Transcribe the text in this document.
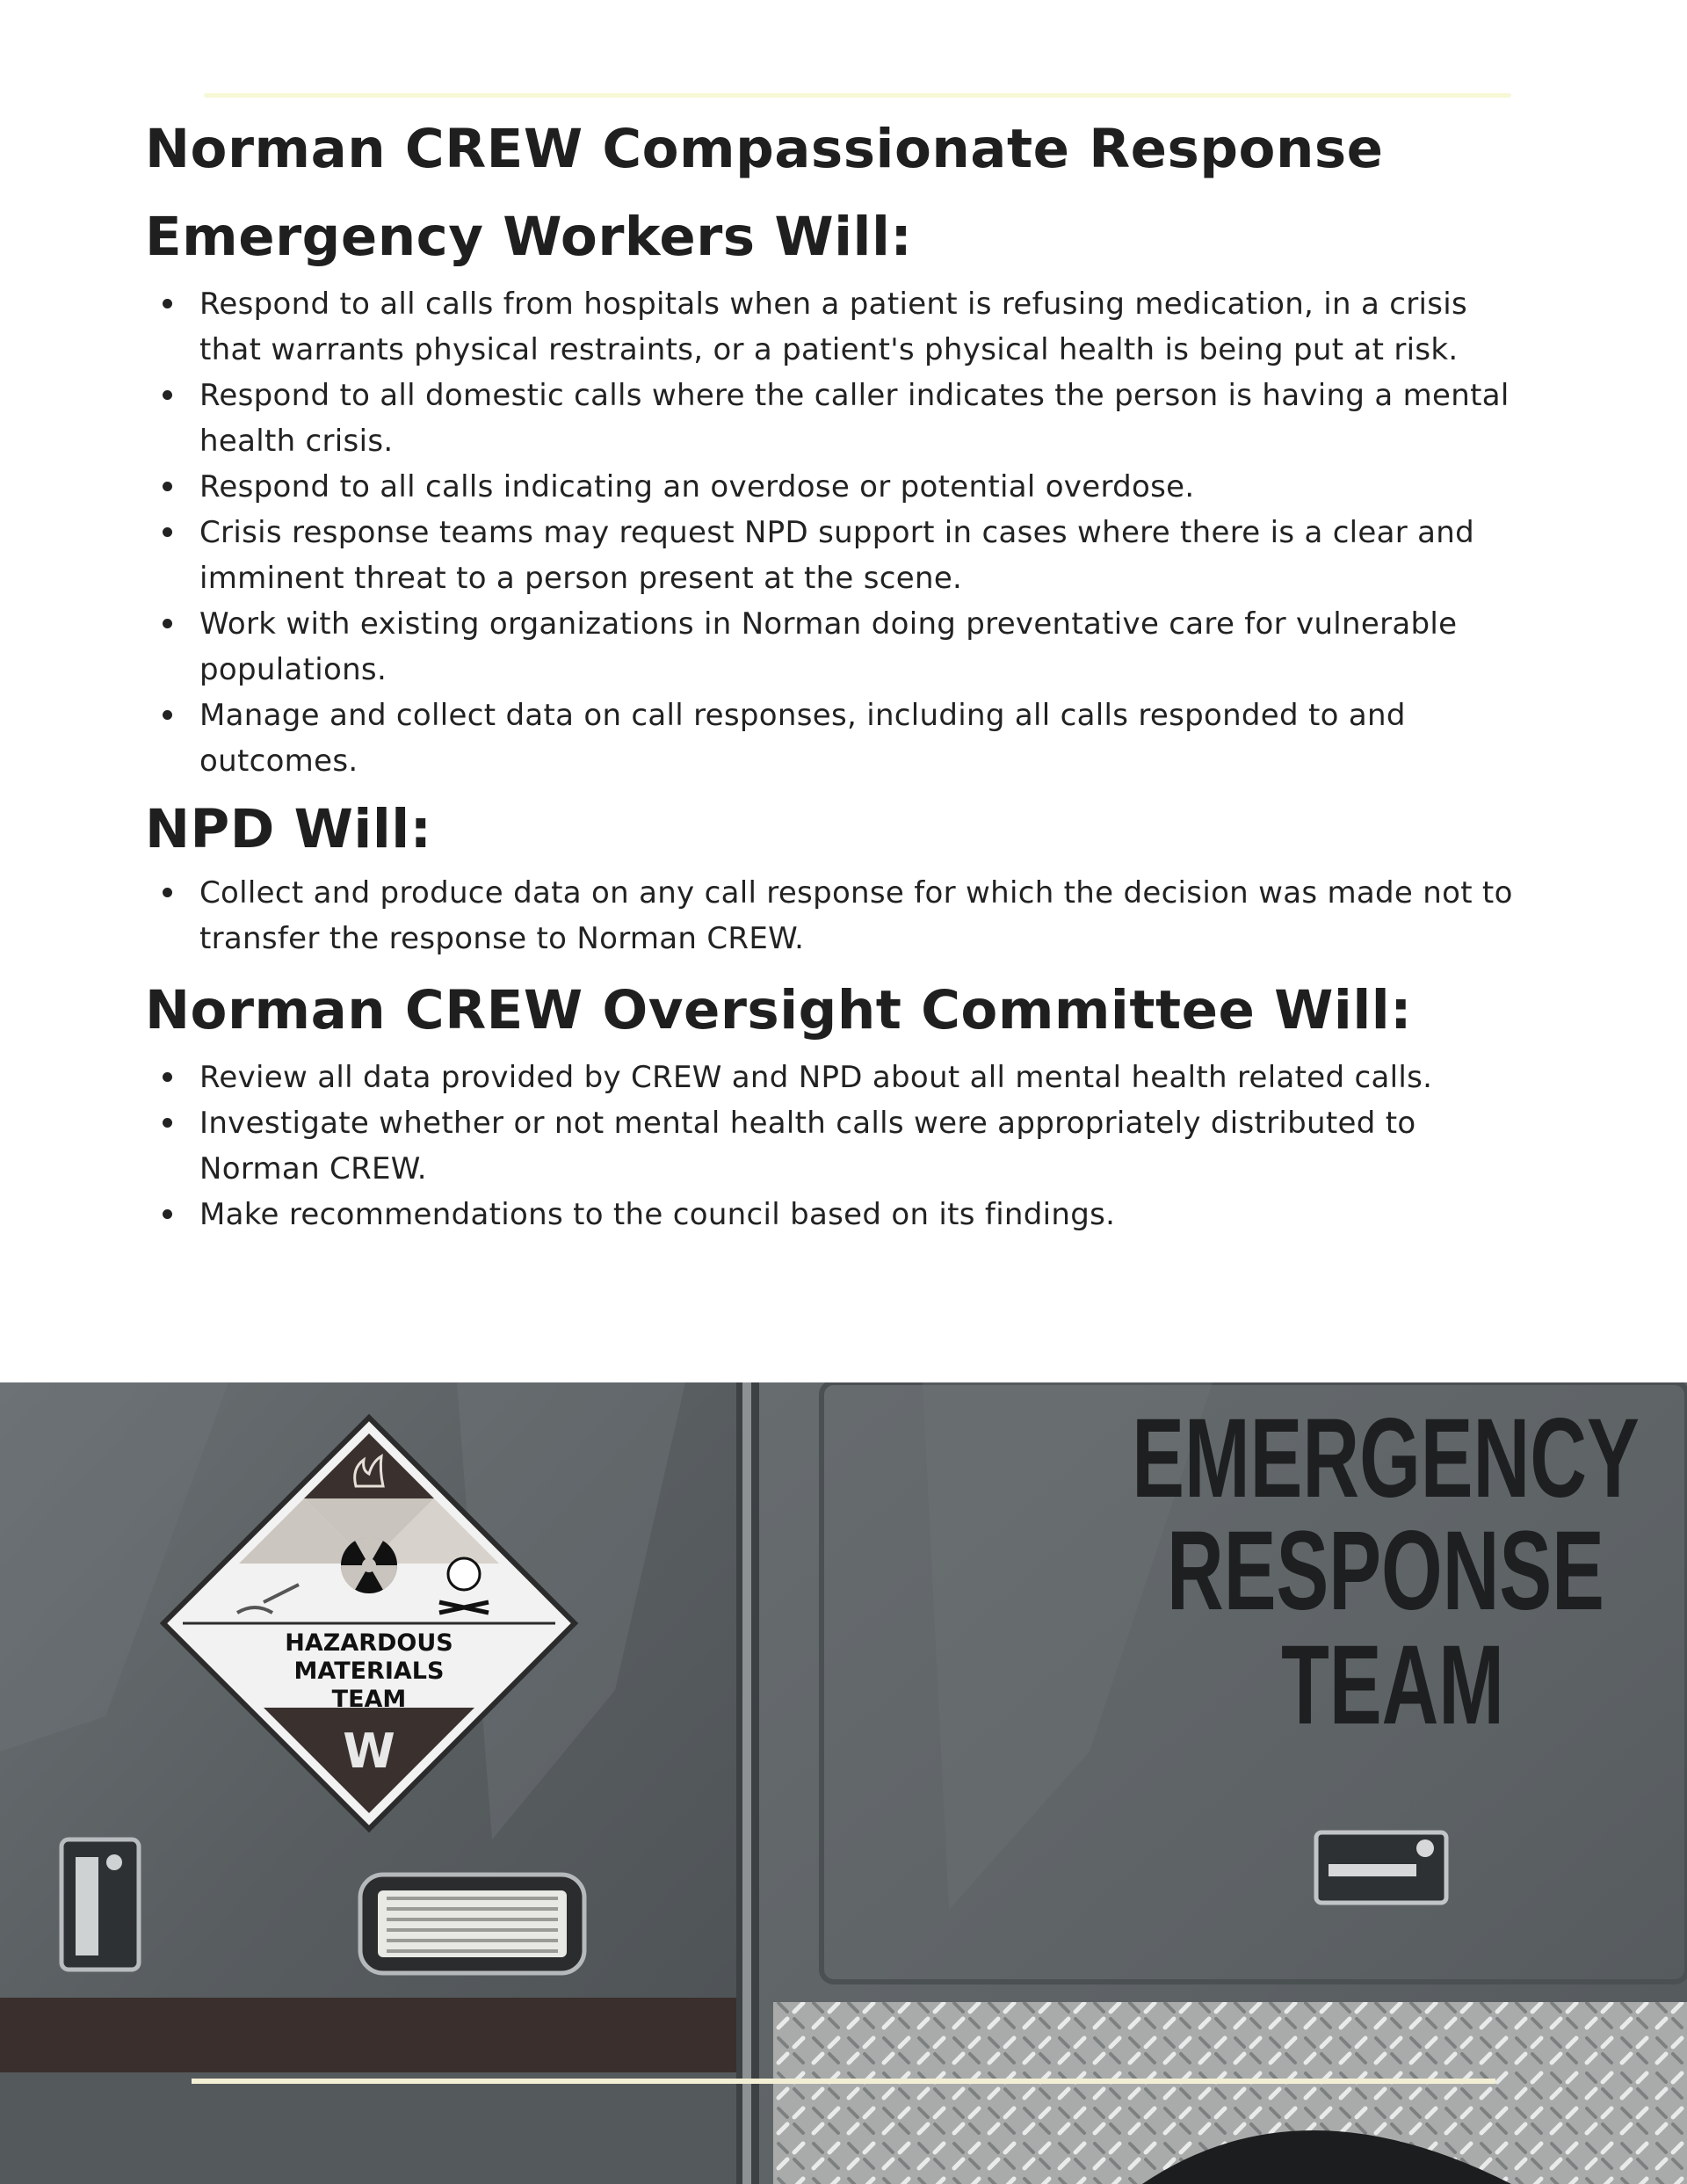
Norman CREW Compassionate Response Emergency Workers Will:
Respond to all calls from hospitals when a patient is refusing medication, in a crisis that warrants physical restraints, or a patient's physical health is being put at risk.
Respond to all domestic calls where the caller indicates the person is having a mental health crisis.
Respond to all calls indicating an overdose or potential overdose.
Crisis response teams may request NPD support in cases where there is a clear and imminent threat to a person present at the scene.
Work with existing organizations in Norman doing preventative care for vulnerable populations.
Manage and collect data on call responses, including all calls responded to and outcomes.
NPD Will:
Collect and produce data on any call response for which the decision was made not to transfer the response to Norman CREW.
Norman CREW Oversight Committee Will:
Review all data provided by CREW and NPD about all mental health related calls.
Investigate whether or not mental health calls were appropriately distributed to Norman CREW.
Make recommendations to the council based on its findings.
HAZARDOUS
MATERIALS
TEAM
W
EMERGENCY
RESPONSE
TEAM
